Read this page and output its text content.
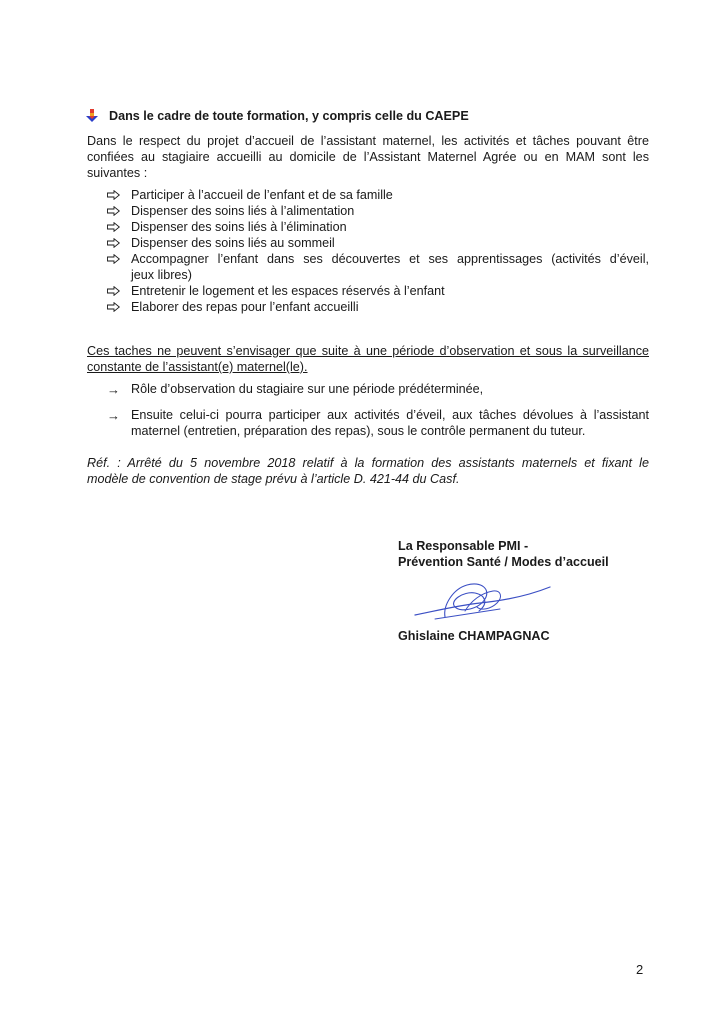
Dans le cadre de toute formation, y compris celle du CAEPE
Dans le respect du projet d’accueil de l’assistant maternel, les activités et tâches pouvant être
confiées au stagiaire accueilli au domicile de l’Assistant Maternel Agrée ou en MAM sont les
suivantes :
Participer à l’accueil de l’enfant et de sa famille
Dispenser des soins liés à l’alimentation
Dispenser des soins liés à l’élimination
Dispenser des soins liés au sommeil
Accompagner l’enfant dans ses découvertes et ses apprentissages (activités d’éveil,
jeux libres)
Entretenir le logement et les espaces réservés à l’enfant
Elaborer des repas pour l’enfant accueilli
Ces taches ne peuvent s’envisager que suite à une période d’observation et sous la surveillance
constante de l’assistant(e) maternel(le).
→ Rôle d’observation du stagiaire sur une période prédéterminée,
→ Ensuite celui-ci pourra participer aux activités d’éveil, aux tâches dévolues à l’assistant
maternel (entretien, préparation des repas), sous le contrôle permanent du tuteur.
Réf. : Arrêté du 5 novembre 2018 relatif à la formation des assistants maternels et fixant le
modèle de convention de stage prévu à l’article D. 421-44 du Casf.
La Responsable PMI -
Prévention Santé / Modes d’accueil
Ghislaine CHAMPAGNAC
2
